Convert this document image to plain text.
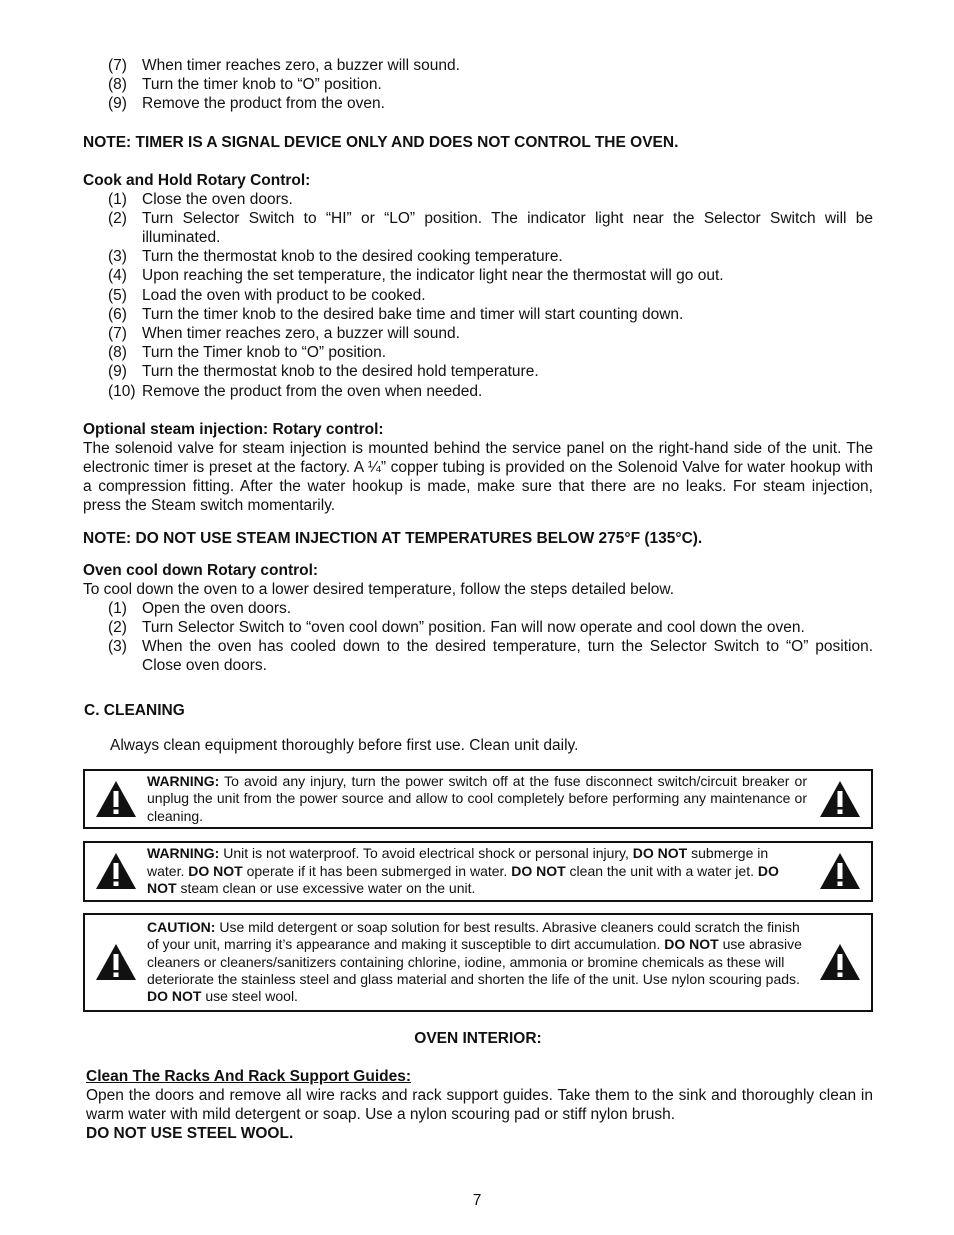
(7) When timer reaches zero, a buzzer will sound.
(8) Turn the timer knob to “O” position.
(9) Remove the product from the oven.
NOTE: TIMER IS A SIGNAL DEVICE ONLY AND DOES NOT CONTROL THE OVEN.
Cook and Hold Rotary Control:
(1) Close the oven doors.
(2) Turn Selector Switch to “HI” or “LO” position. The indicator light near the Selector Switch will be illuminated.
(3) Turn the thermostat knob to the desired cooking temperature.
(4) Upon reaching the set temperature, the indicator light near the thermostat will go out.
(5) Load the oven with product to be cooked.
(6) Turn the timer knob to the desired bake time and timer will start counting down.
(7) When timer reaches zero, a buzzer will sound.
(8) Turn the Timer knob to “O” position.
(9) Turn the thermostat knob to the desired hold temperature.
(10) Remove the product from the oven when needed.
Optional steam injection: Rotary control:
The solenoid valve for steam injection is mounted behind the service panel on the right-hand side of the unit. The electronic timer is preset at the factory. A ¼” copper tubing is provided on the Solenoid Valve for water hookup with a compression fitting. After the water hookup is made, make sure that there are no leaks. For steam injection, press the Steam switch momentarily.
NOTE: DO NOT USE STEAM INJECTION AT TEMPERATURES BELOW 275°F (135°C).
Oven cool down Rotary control:
To cool down the oven to a lower desired temperature, follow the steps detailed below.
(1) Open the oven doors.
(2) Turn Selector Switch to “oven cool down” position. Fan will now operate and cool down the oven.
(3) When the oven has cooled down to the desired temperature, turn the Selector Switch to “O” position. Close oven doors.
C. CLEANING
Always clean equipment thoroughly before first use. Clean unit daily.
WARNING: To avoid any injury, turn the power switch off at the fuse disconnect switch/circuit breaker or unplug the unit from the power source and allow to cool completely before performing any maintenance or cleaning.
WARNING: Unit is not waterproof. To avoid electrical shock or personal injury, DO NOT submerge in water. DO NOT operate if it has been submerged in water. DO NOT clean the unit with a water jet. DO NOT steam clean or use excessive water on the unit.
CAUTION: Use mild detergent or soap solution for best results. Abrasive cleaners could scratch the finish of your unit, marring it’s appearance and making it susceptible to dirt accumulation. DO NOT use abrasive cleaners or cleaners/sanitizers containing chlorine, iodine, ammonia or bromine chemicals as these will deteriorate the stainless steel and glass material and shorten the life of the unit. Use nylon scouring pads. DO NOT use steel wool.
OVEN INTERIOR:
Clean The Racks And Rack Support Guides:
Open the doors and remove all wire racks and rack support guides. Take them to the sink and thoroughly clean in warm water with mild detergent or soap. Use a nylon scouring pad or stiff nylon brush.
DO NOT USE STEEL WOOL.
7
